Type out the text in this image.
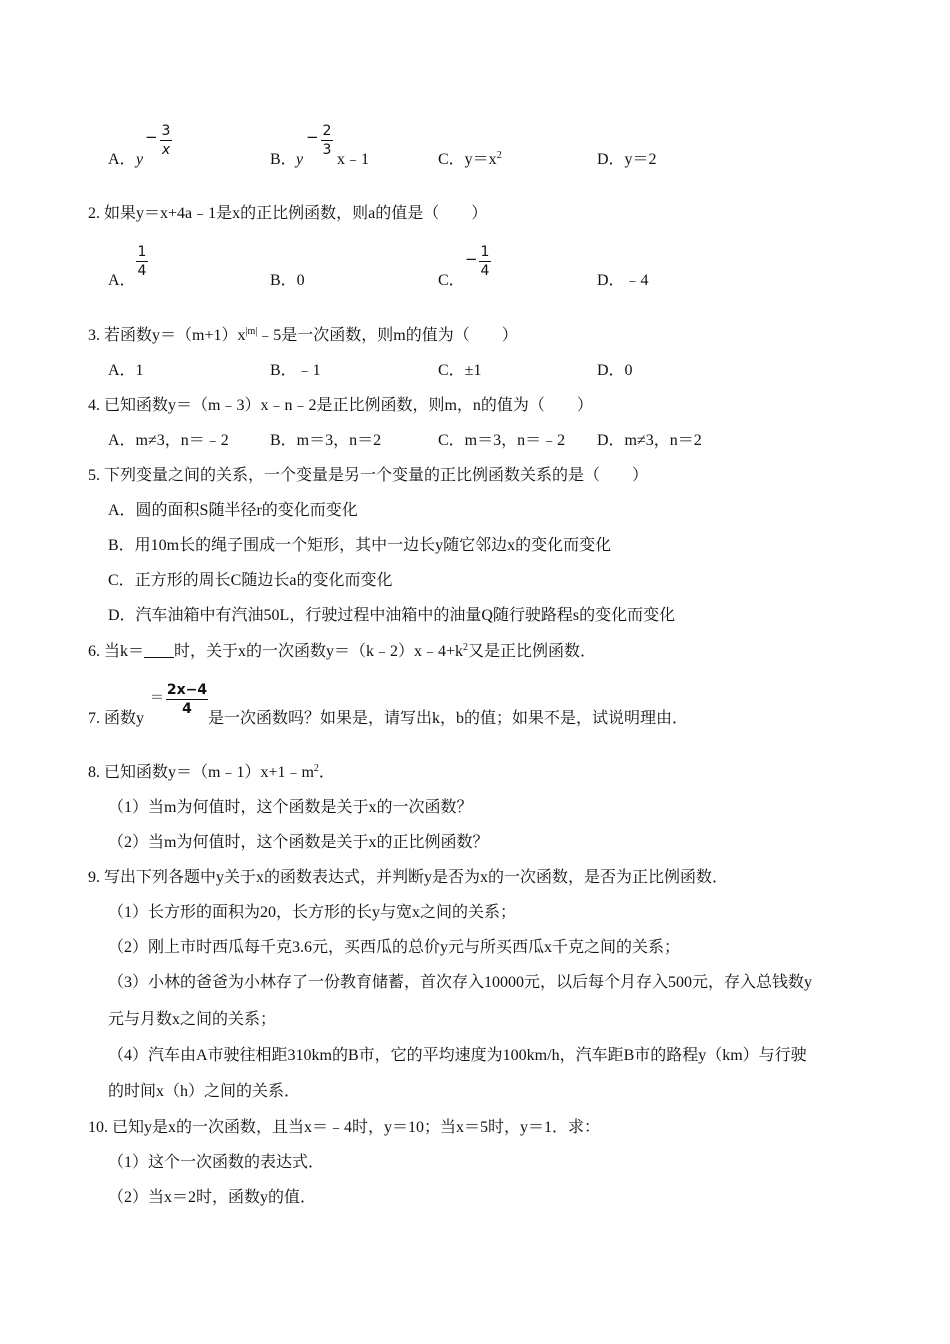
A． y
− 3
x
B． y
− 2
3
x﹣1	C．$y=x^2$	D．y＝2
2. 如果y＝x+4a﹣1是x的正比例函数，则a的值是（　　）
A．
1
4
B．0	C．
− 1
4
D．﹣4
3. 若函数$y=(m+1)x^{|m|}﹣5$是一次函数，则m的值为（　　）
A．1	B．﹣1	C．±1	D．0
4. 已知函数y＝（m﹣3）x﹣n﹣2是正比例函数，则m，n的值为（　　）
A．m≠3，n＝﹣2	B．m＝3，n＝2	C．m＝3，n＝﹣2 D．m≠3，n＝2
5. 下列变量之间的关系，一个变量是另一个变量的正比例函数关系的是（　　）
A．圆的面积S随半径r的变化而变化
B．用10m长的绳子围成一个矩形，其中一边长y随它邻边x的变化而变化
C．正方形的周长C随边长a的变化而变化
D．汽车油箱中有汽油50L，行驶过程中油箱中的油量Q随行驶路程s的变化而变化
6. 当k＝ 时，关于x的一次函数$y=(k﹣2)x﹣4+k^2$又是正比例函数．
7. 函数y
＝ 2x−4
4
是一次函数吗？如果是，请写出k，b的值；如果不是，试说明理由．
8. 已知函数$y=(m﹣1)x+1﹣m^2$．
（1）当m为何值时，这个函数是关于x的一次函数？
（2）当m为何值时，这个函数是关于x的正比例函数？
9. 写出下列各题中y关于x的函数表达式，并判断y是否为x的一次函数，是否为正比例函数．
（1）长方形的面积为20，长方形的长y与宽x之间的关系；
（2）刚上市时西瓜每千克3.6元，买西瓜的总价y元与所买西瓜x千克之间的关系；
（3）小林的爸爸为小林存了一份教育储蓄，首次存入10000元，以后每个月存入500元，存入总钱数y
元与月数x之间的关系；
（4）汽车由A市驶往相距310km的B市，它的平均速度为100km/h，汽车距B市的路程y（km）与行驶
的时间x（h）之间的关系．
10. 已知y是x的一次函数，且当x＝﹣4时，y＝10；当x＝5时，y＝1．求：
（1）这个一次函数的表达式．
（2）当x＝2时，函数y的值．
